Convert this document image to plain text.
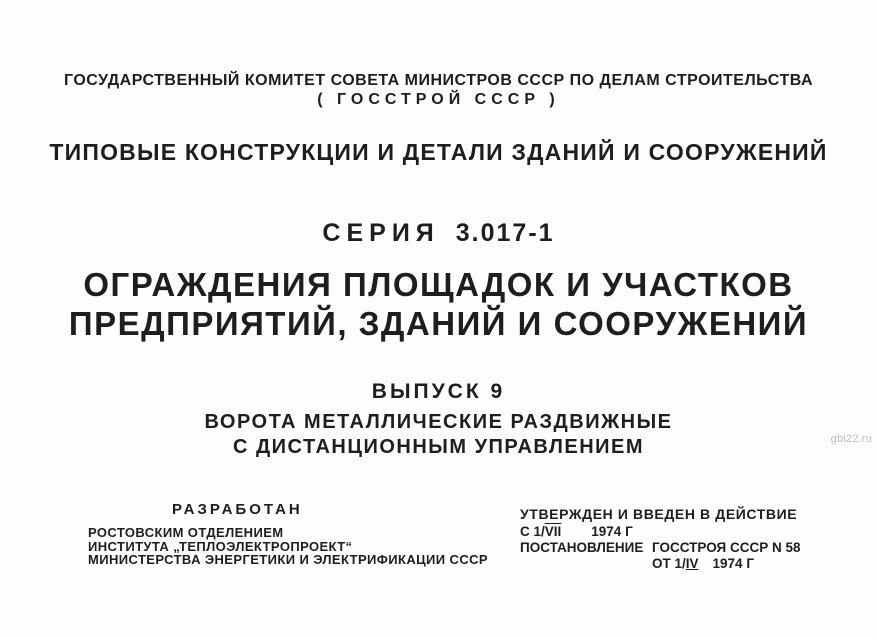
ГОСУДАРСТВЕННЫЙ КОМИТЕТ СОВЕТА МИНИСТРОВ СССР ПО ДЕЛАМ СТРОИТЕЛЬСТВА
( ГОССТРОЙ СССР )
ТИПОВЫЕ КОНСТРУКЦИИ И ДЕТАЛИ ЗДАНИЙ И СООРУЖЕНИЙ
СЕРИЯ 3.017-1
ОГРАЖДЕНИЯ ПЛОЩАДОК И УЧАСТКОВ
ПРЕДПРИЯТИЙ, ЗДАНИЙ И СООРУЖЕНИЙ
ВЫПУСК 9
ВОРОТА МЕТАЛЛИЧЕСКИЕ РАЗДВИЖНЫЕ
С ДИСТАНЦИОННЫМ УПРАВЛЕНИЕМ
РАЗРАБОТАН
РОСТОВСКИМ ОТДЕЛЕНИЕМ
ИНСТИТУТА „ТЕПЛОЭЛЕКТРОПРОЕКТ“
МИНИСТЕРСТВА ЭНЕРГЕТИКИ И ЭЛЕКТРИФИКАЦИИ СССР
УТВЕРЖДЕН И ВВЕДЕН В ДЕЙСТВИЕ
С $1/\overline{VII}$ 1974 Г
ПОСТАНОВЛЕНИЕ ГОССТРОЯ СССР N 58
ОТ 1/IV 1974 Г
gbi22.ru
